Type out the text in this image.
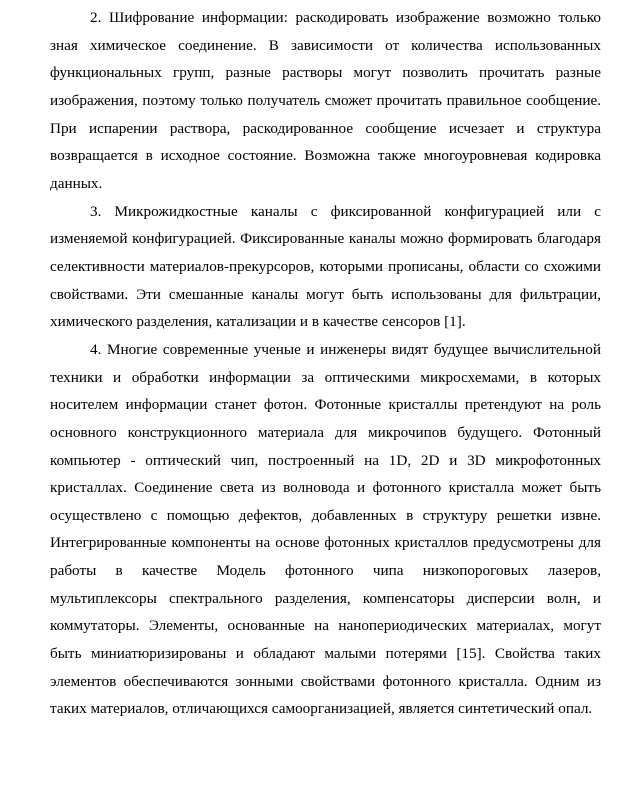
2. Шифрование информации: раскодировать изображение возможно только зная химическое соединение. В зависимости от количества использованных функциональных групп, разные растворы могут позволить прочитать разные изображения, поэтому только получатель сможет прочитать правильное сообщение. При испарении раствора, раскодированное сообщение исчезает и структура возвращается в исходное состояние. Возможна также многоуровневая кодировка данных.

3. Микрожидкостные каналы с фиксированной конфигурацией или с изменяемой конфигурацией. Фиксированные каналы можно формировать благодаря селективности материалов-прекурсоров, которыми прописаны, области со схожими свойствами. Эти смешанные каналы могут быть использованы для фильтрации, химического разделения, катализации и в качестве сенсоров [1].

4. Многие современные ученые и инженеры видят будущее вычислительной техники и обработки информации за оптическими микросхемами, в которых носителем информации станет фотон. Фотонные кристаллы претендуют на роль основного конструкционного материала для микрочипов будущего. Фотонный компьютер - оптический чип, построенный на 1D, 2D и 3D микрофотонных кристаллах. Соединение света из волновода и фотонного кристалла может быть осуществлено с помощью дефектов, добавленных в структуру решетки извне. Интегрированные компоненты на основе фотонных кристаллов предусмотрены для работы в качестве Модель фотонного чипа низкопороговых лазеров, мультиплексоры спектрального разделения, компенсаторы дисперсии волн, и коммутаторы. Элементы, основанные на нанопериодических материалах, могут быть миниатюризированы и обладают малыми потерями [15]. Свойства таких элементов обеспечиваются зонными свойствами фотонного кристалла. Одним из таких материалов, отличающихся самоорганизацией, является синтетический опал.
